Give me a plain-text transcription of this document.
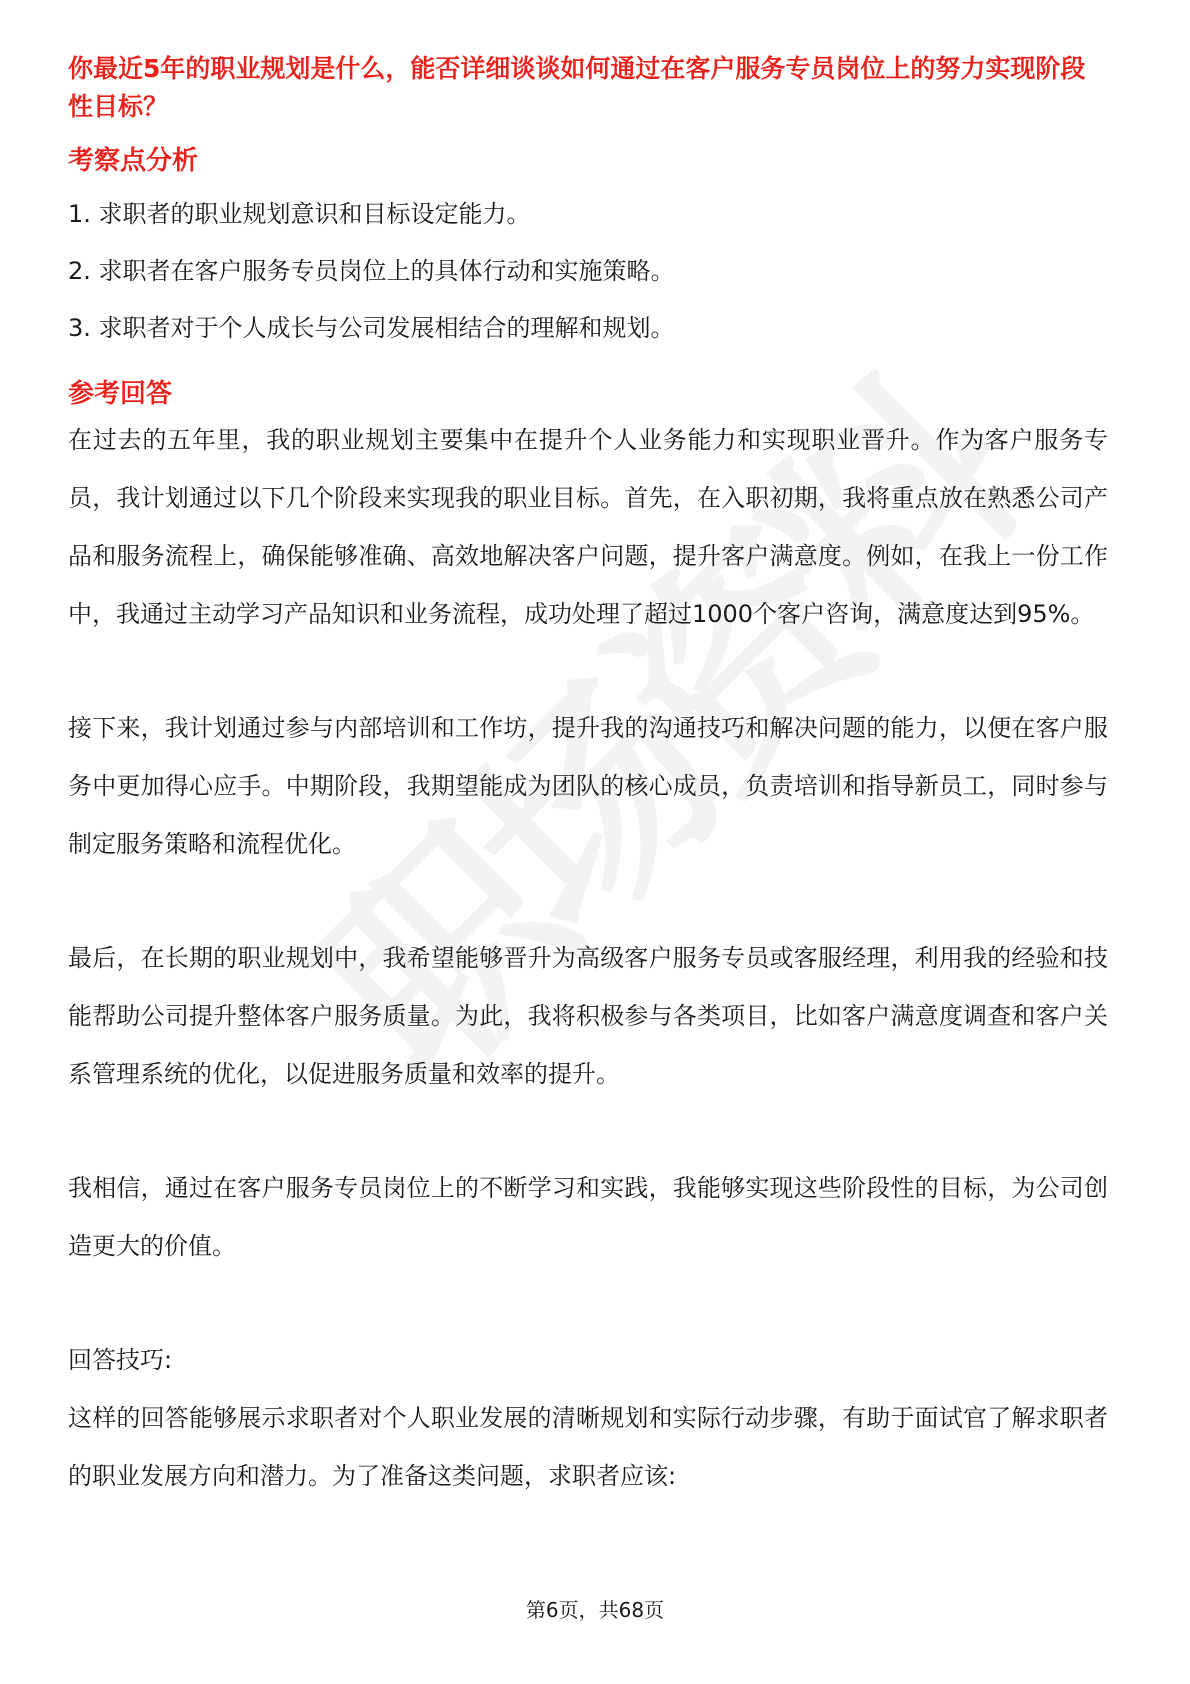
你最近5年的职业规划是什么，能否详细谈谈如何通过在客户服务专员岗位上的努力实现阶段性目标？

考察点分析
1. 求职者的职业规划意识和目标设定能力。
2. 求职者在客户服务专员岗位上的具体行动和实施策略。
3. 求职者对于个人成长与公司发展相结合的理解和规划。
参考回答

在过去的五年里，我的职业规划主要集中在提升个人业务能力和实现职业晋升。作为客户服务专员，我计划通过以下几个阶段来实现我的职业目标。首先，在入职初期，我将重点放在熟悉公司产品和服务流程上，确保能够准确、高效地解决客户问题，提升客户满意度。例如，在我上一份工作中，我通过主动学习产品知识和业务流程，成功处理了超过1000个客户咨询，满意度达到95%。

接下来，我计划通过参与内部培训和工作坊，提升我的沟通技巧和解决问题的能力，以便在客户服务中更加得心应手。中期阶段，我期望能成为团队的核心成员，负责培训和指导新员工，同时参与制定服务策略和流程优化。

最后，在长期的职业规划中，我希望能够晋升为高级客户服务专员或客服经理，利用我的经验和技能帮助公司提升整体客户服务质量。为此，我将积极参与各类项目，比如客户满意度调查和客户关系管理系统的优化，以促进服务质量和效率的提升。

我相信，通过在客户服务专员岗位上的不断学习和实践，我能够实现这些阶段性的目标，为公司创造更大的价值。

回答技巧:

这样的回答能够展示求职者对个人职业发展的清晰规划和实际行动步骤，有助于面试官了解求职者的职业发展方向和潜力。为了准备这类问题，求职者应该:

第6页，共68页
